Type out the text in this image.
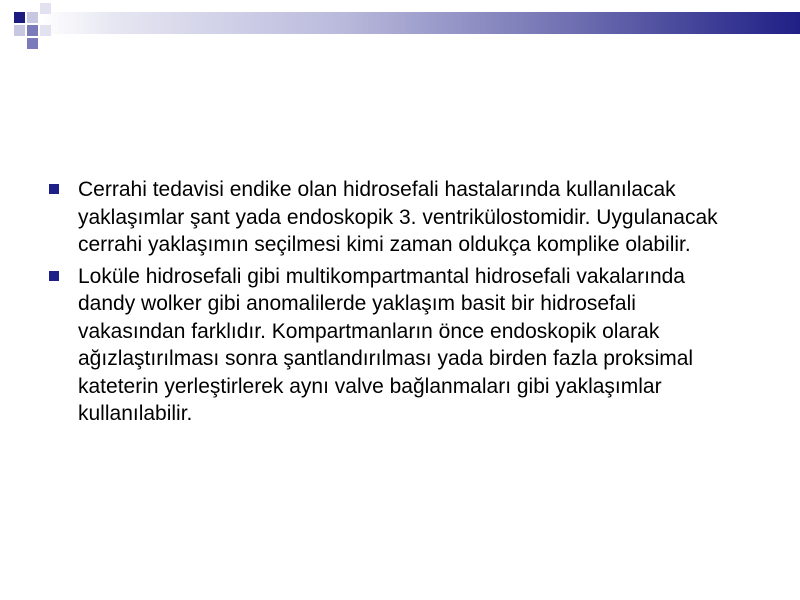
Cerrahi tedavisi endike olan hidrosefali hastalarında kullanılacak yaklaşımlar şant yada endoskopik 3. ventrikülostomidir. Uygulanacak cerrahi yaklaşımın seçilmesi kimi zaman oldukça komplike olabilir.
Loküle hidrosefali gibi multikompartmantal hidrosefali vakalarında dandy wolker gibi anomalilerde yaklaşım basit bir hidrosefali vakasından farklıdır. Kompartmanların önce endoskopik olarak ağızlaştırılması sonra şantlandırılması yada birden fazla proksimal kateterin yerleştirlerek aynı valve bağlanmaları gibi yaklaşımlar kullanılabilir.
